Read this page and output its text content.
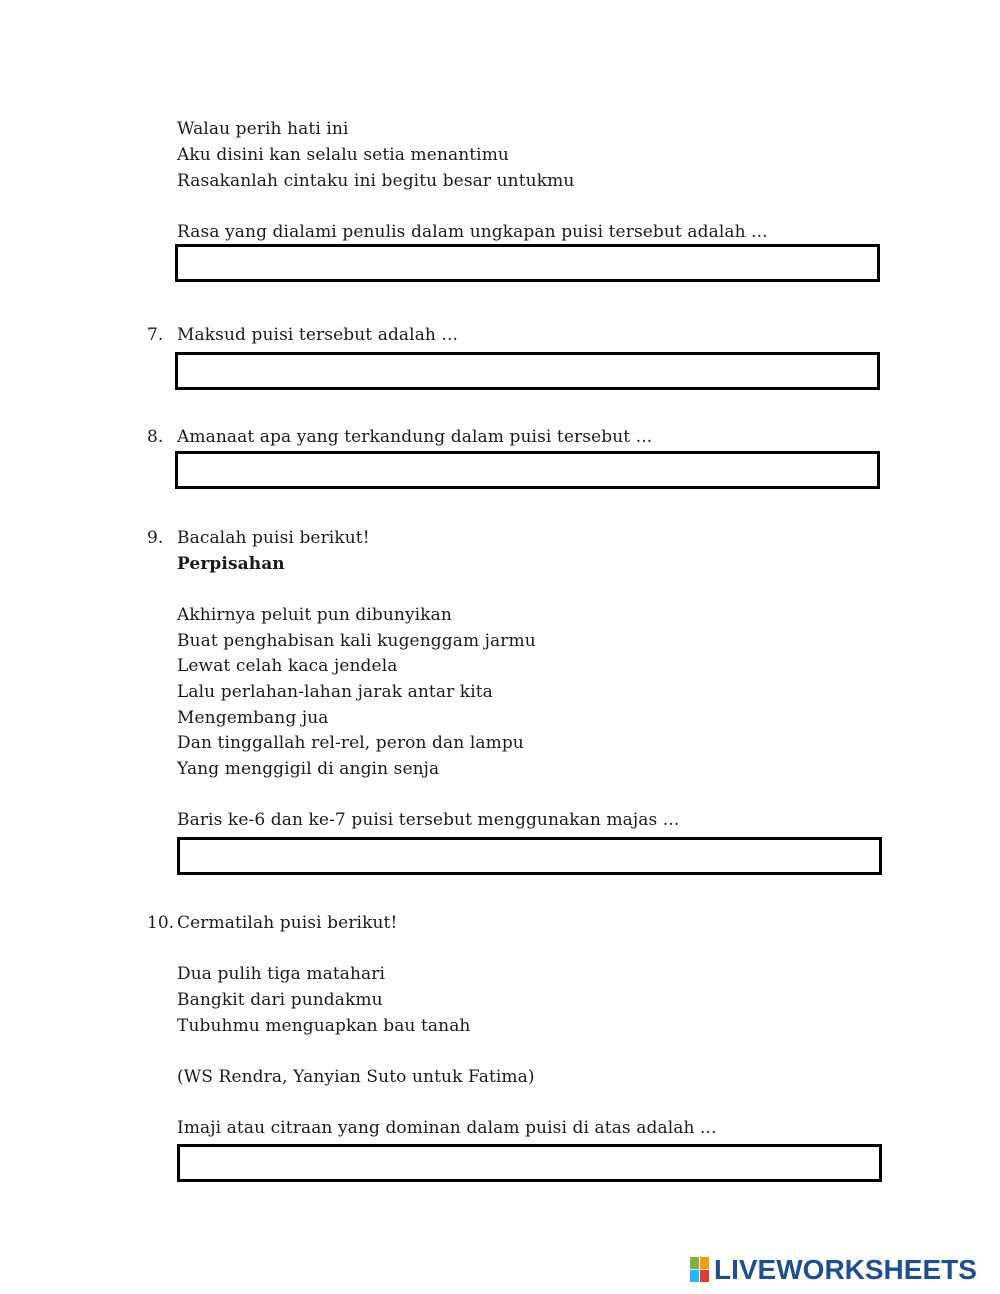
Walau perih hati ini
Aku disini kan selalu setia menantimu
Rasakanlah cintaku ini begitu besar untukmu
Rasa yang dialami penulis dalam ungkapan puisi tersebut adalah ...
7. Maksud puisi tersebut adalah ...
8. Amanaat apa yang terkandung dalam puisi tersebut ...
9. Bacalah puisi berikut!
Perpisahan
Akhirnya peluit pun dibunyikan
Buat penghabisan kali kugenggam jarmu
Lewat celah kaca jendela
Lalu perlahan-lahan jarak antar kita
Mengembang jua
Dan tinggallah rel-rel, peron dan lampu
Yang menggigil di angin senja
Baris ke-6 dan ke-7 puisi tersebut menggunakan majas ...
10. Cermatilah puisi berikut!
Dua pulih tiga matahari
Bangkit dari pundakmu
Tubuhmu menguapkan bau tanah
(WS Rendra, Yanyian Suto untuk Fatima)
Imaji atau citraan yang dominan dalam puisi di atas adalah ...
LIVEWORKSHEETS
